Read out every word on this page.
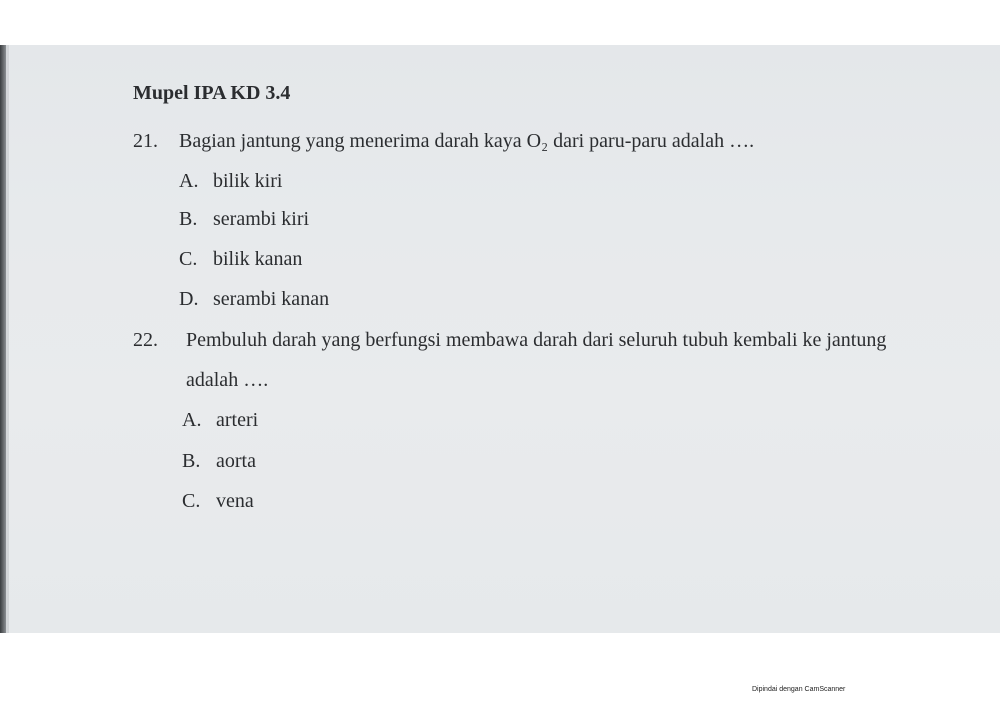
Mupel IPA KD 3.4
21. Bagian jantung yang menerima darah kaya O₂ dari paru-paru adalah ….
A. bilik kiri
B. serambi kiri
C. bilik kanan
D. serambi kanan
22. Pembuluh darah yang berfungsi membawa darah dari seluruh tubuh kembali ke jantung
adalah ….
A. arteri
B. aorta
C. vena
Dipindai dengan CamScanner
